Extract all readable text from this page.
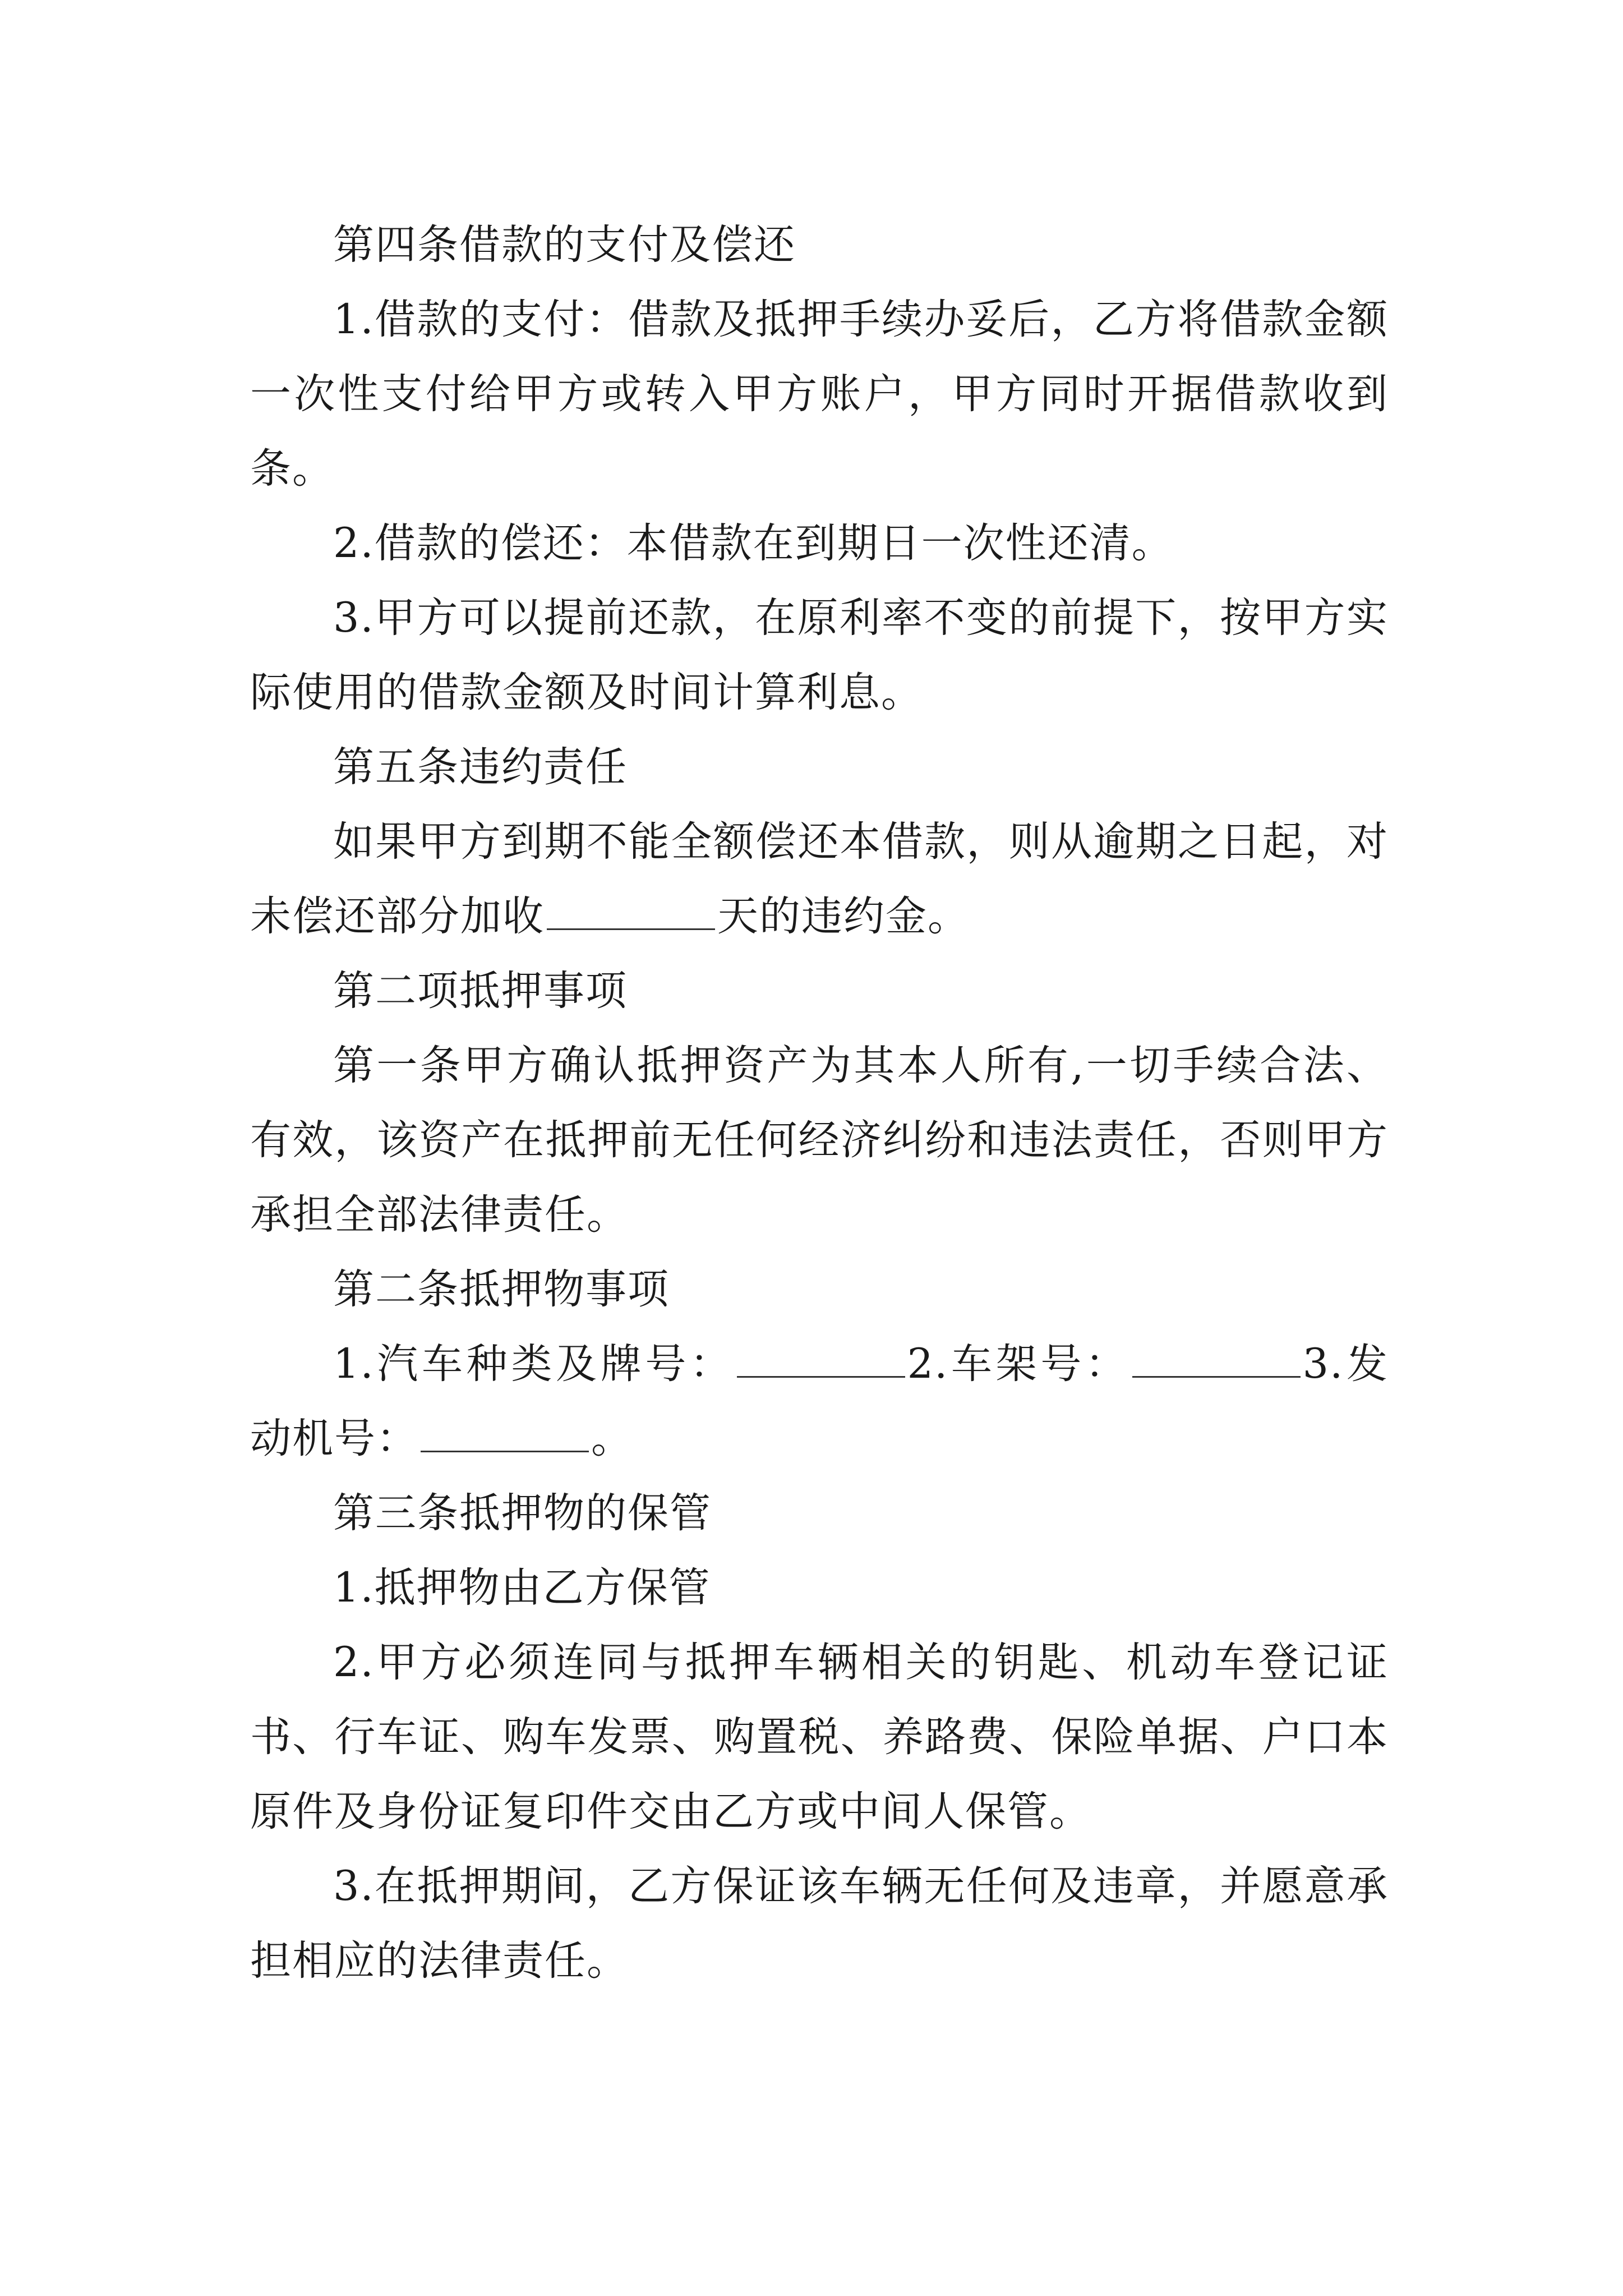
第四条借款的支付及偿还

1.借款的支付：借款及抵押手续办妥后，乙方将借款金额一次性支付给甲方或转入甲方账户，甲方同时开据借款收到条。

2.借款的偿还：本借款在到期日一次性还清。

3.甲方可以提前还款，在原利率不变的前提下，按甲方实际使用的借款金额及时间计算利息。

第五条违约责任

如果甲方到期不能全额偿还本借款，则从逾期之日起，对未偿还部分加收	天的违约金。

第二项抵押事项

第一条甲方确认抵押资产为其本人所有,一切手续合法、有效，该资产在抵押前无任何经济纠纷和违法责任，否则甲方承担全部法律责任。

第二条抵押物事项

1.汽车种类及牌号：	2.车架号：	3.发动机号：	。

第三条抵押物的保管

1.抵押物由乙方保管

2.甲方必须连同与抵押车辆相关的钥匙、机动车登记证书、行车证、购车发票、购置税、养路费、保险单据、户口本原件及身份证复印件交由乙方或中间人保管。

3.在抵押期间，乙方保证该车辆无任何及违章，并愿意承担相应的法律责任。
